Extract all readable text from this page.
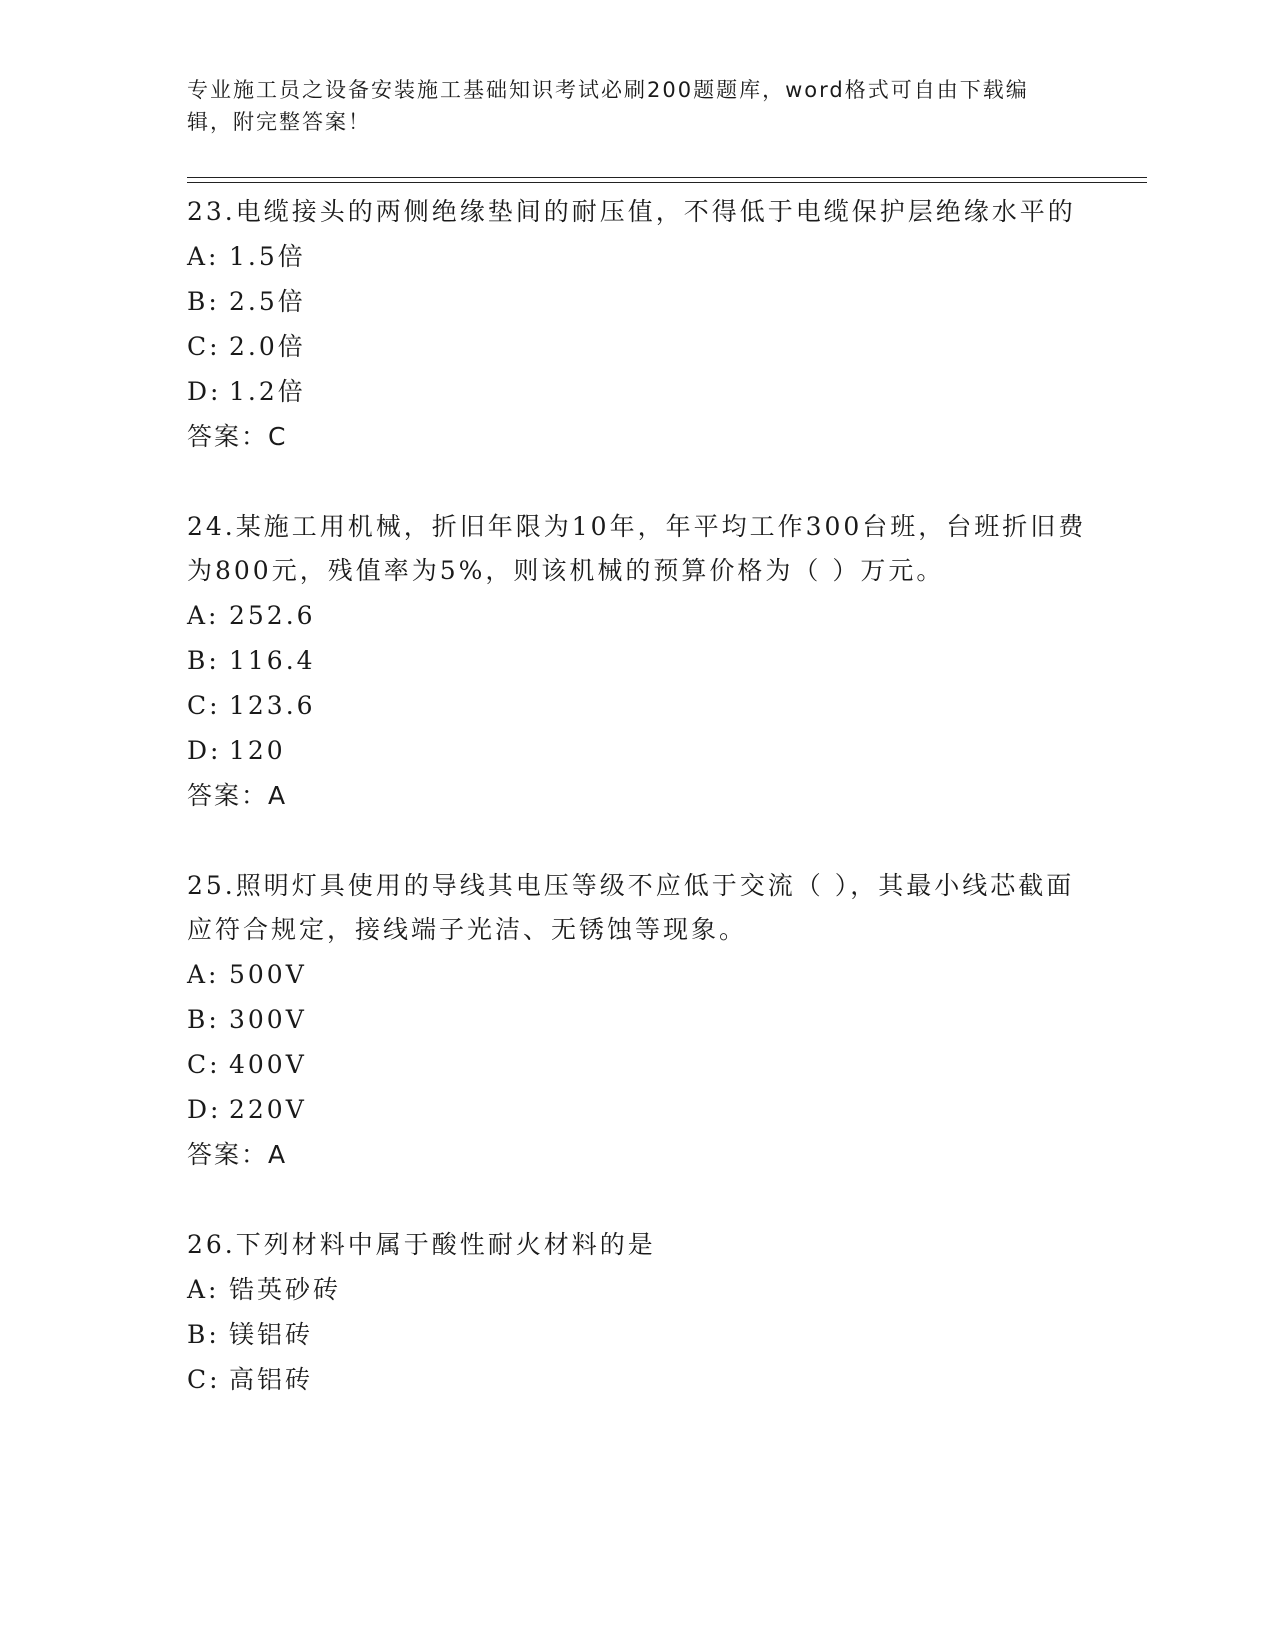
专业施工员之设备安装施工基础知识考试必刷200题题库，word格式可自由下载编辑，附完整答案！

23.电缆接头的两侧绝缘垫间的耐压值，不得低于电缆保护层绝缘水平的

A: 1.5倍

B: 2.5倍

C: 2.0倍

D: 1.2倍

答案：C

24.某施工用机械，折旧年限为10年，年平均工作300台班，台班折旧费为800元，残值率为5%，则该机械的预算价格为（ ）万元。

A: 252.6

B: 116.4

C: 123.6

D: 120

答案：A

25.照明灯具使用的导线其电压等级不应低于交流（ ），其最小线芯截面应符合规定，接线端子光洁、无锈蚀等现象。

A: 500V

B: 300V

C: 400V

D: 220V

答案：A

26.下列材料中属于酸性耐火材料的是

A: 锆英砂砖

B: 镁铝砖

C: 高铝砖
